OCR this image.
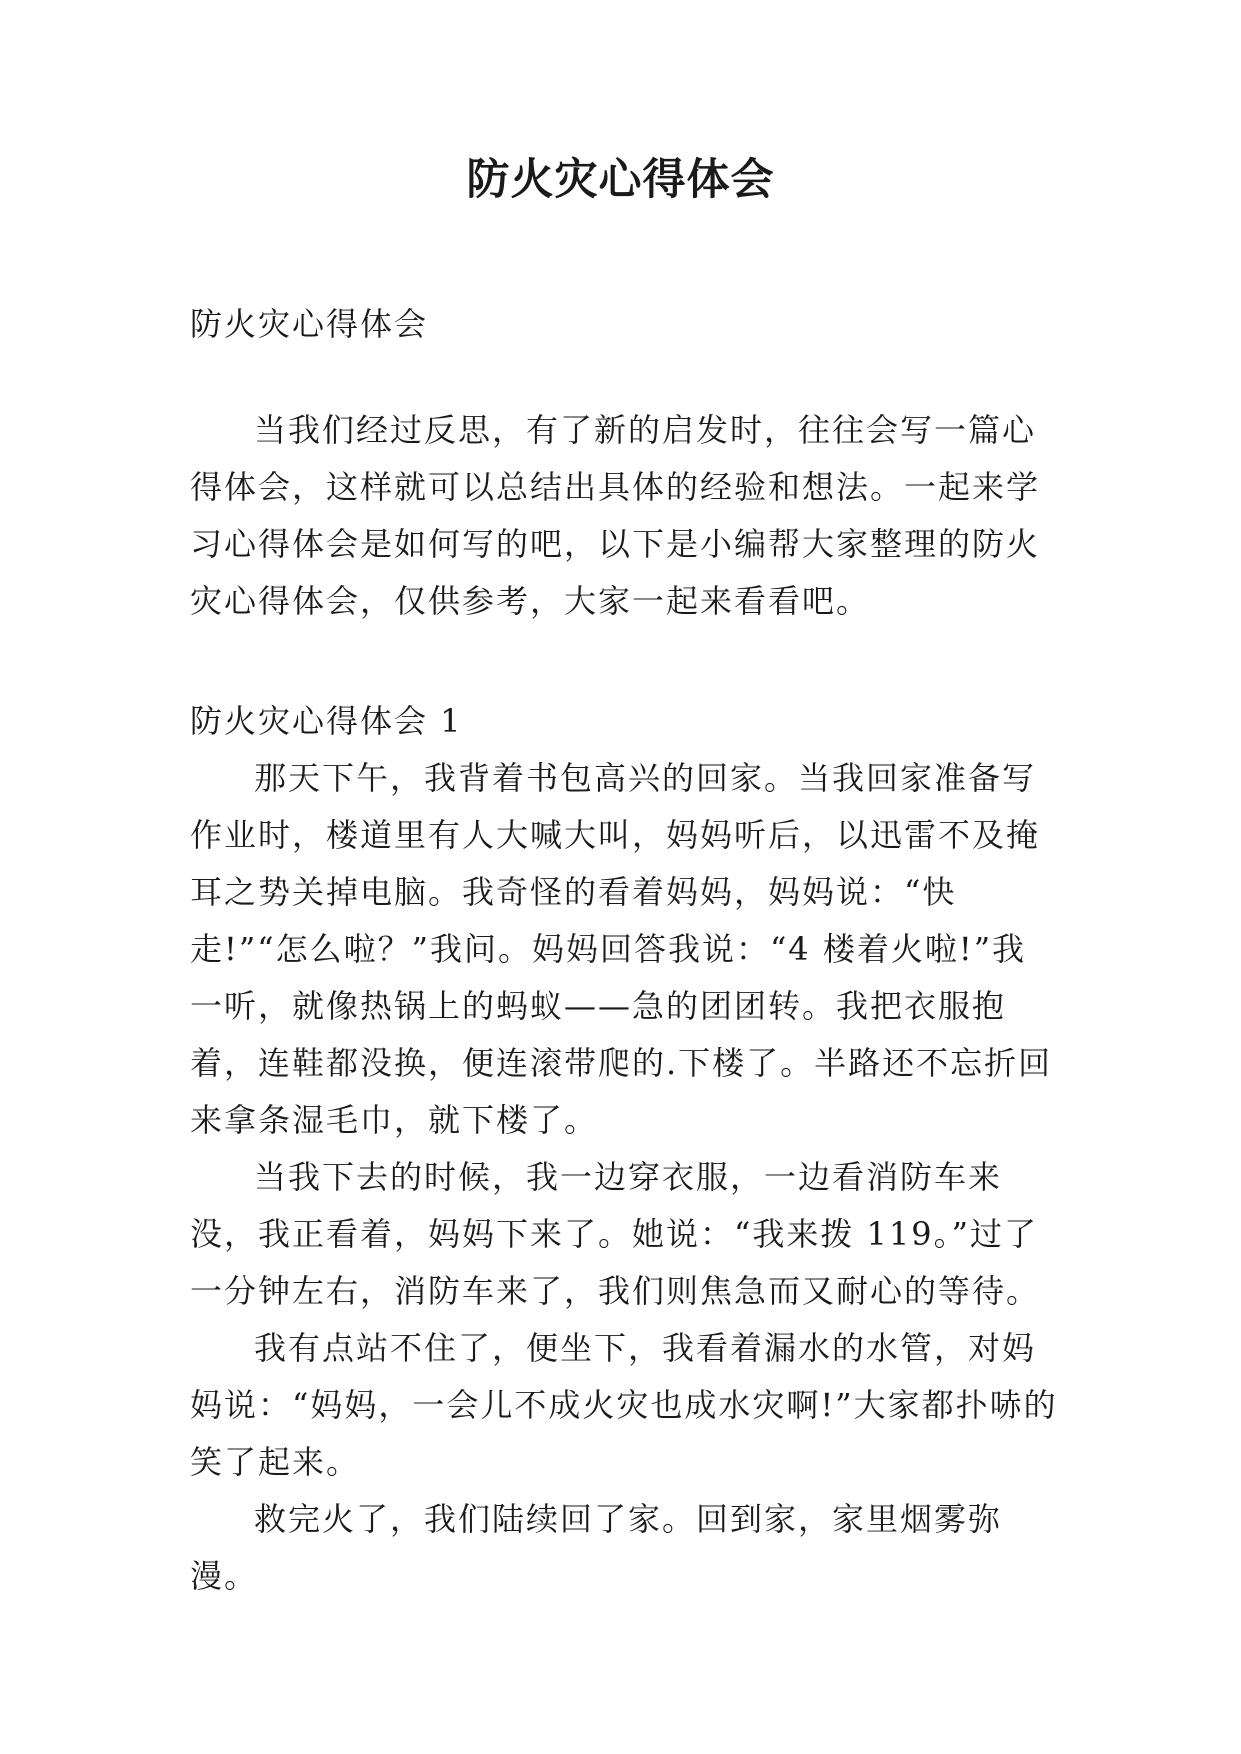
防火灾心得体会

防火灾心得体会

当我们经过反思，有了新的启发时，往往会写一篇心得体会，这样就可以总结出具体的经验和想法。一起来学习心得体会是如何写的吧，以下是小编帮大家整理的防火灾心得体会，仅供参考，大家一起来看看吧。

防火灾心得体会 1

那天下午，我背着书包高兴的回家。当我回家准备写作业时，楼道里有人大喊大叫，妈妈听后，以迅雷不及掩耳之势关掉电脑。我奇怪的看着妈妈，妈妈说：“快走!”“怎么啦？”我问。妈妈回答我说：“4 楼着火啦!”我一听，就像热锅上的蚂蚁——急的团团转。我把衣服抱着，连鞋都没换，便连滚带爬的.下楼了。半路还不忘折回来拿条湿毛巾，就下楼了。

当我下去的时候，我一边穿衣服，一边看消防车来没，我正看着，妈妈下来了。她说：“我来拨 119。”过了一分钟左右，消防车来了，我们则焦急而又耐心的等待。

我有点站不住了，便坐下，我看着漏水的水管，对妈妈说：“妈妈，一会儿不成火灾也成水灾啊!”大家都扑哧的笑了起来。

救完火了，我们陆续回了家。回到家，家里烟雾弥漫。
